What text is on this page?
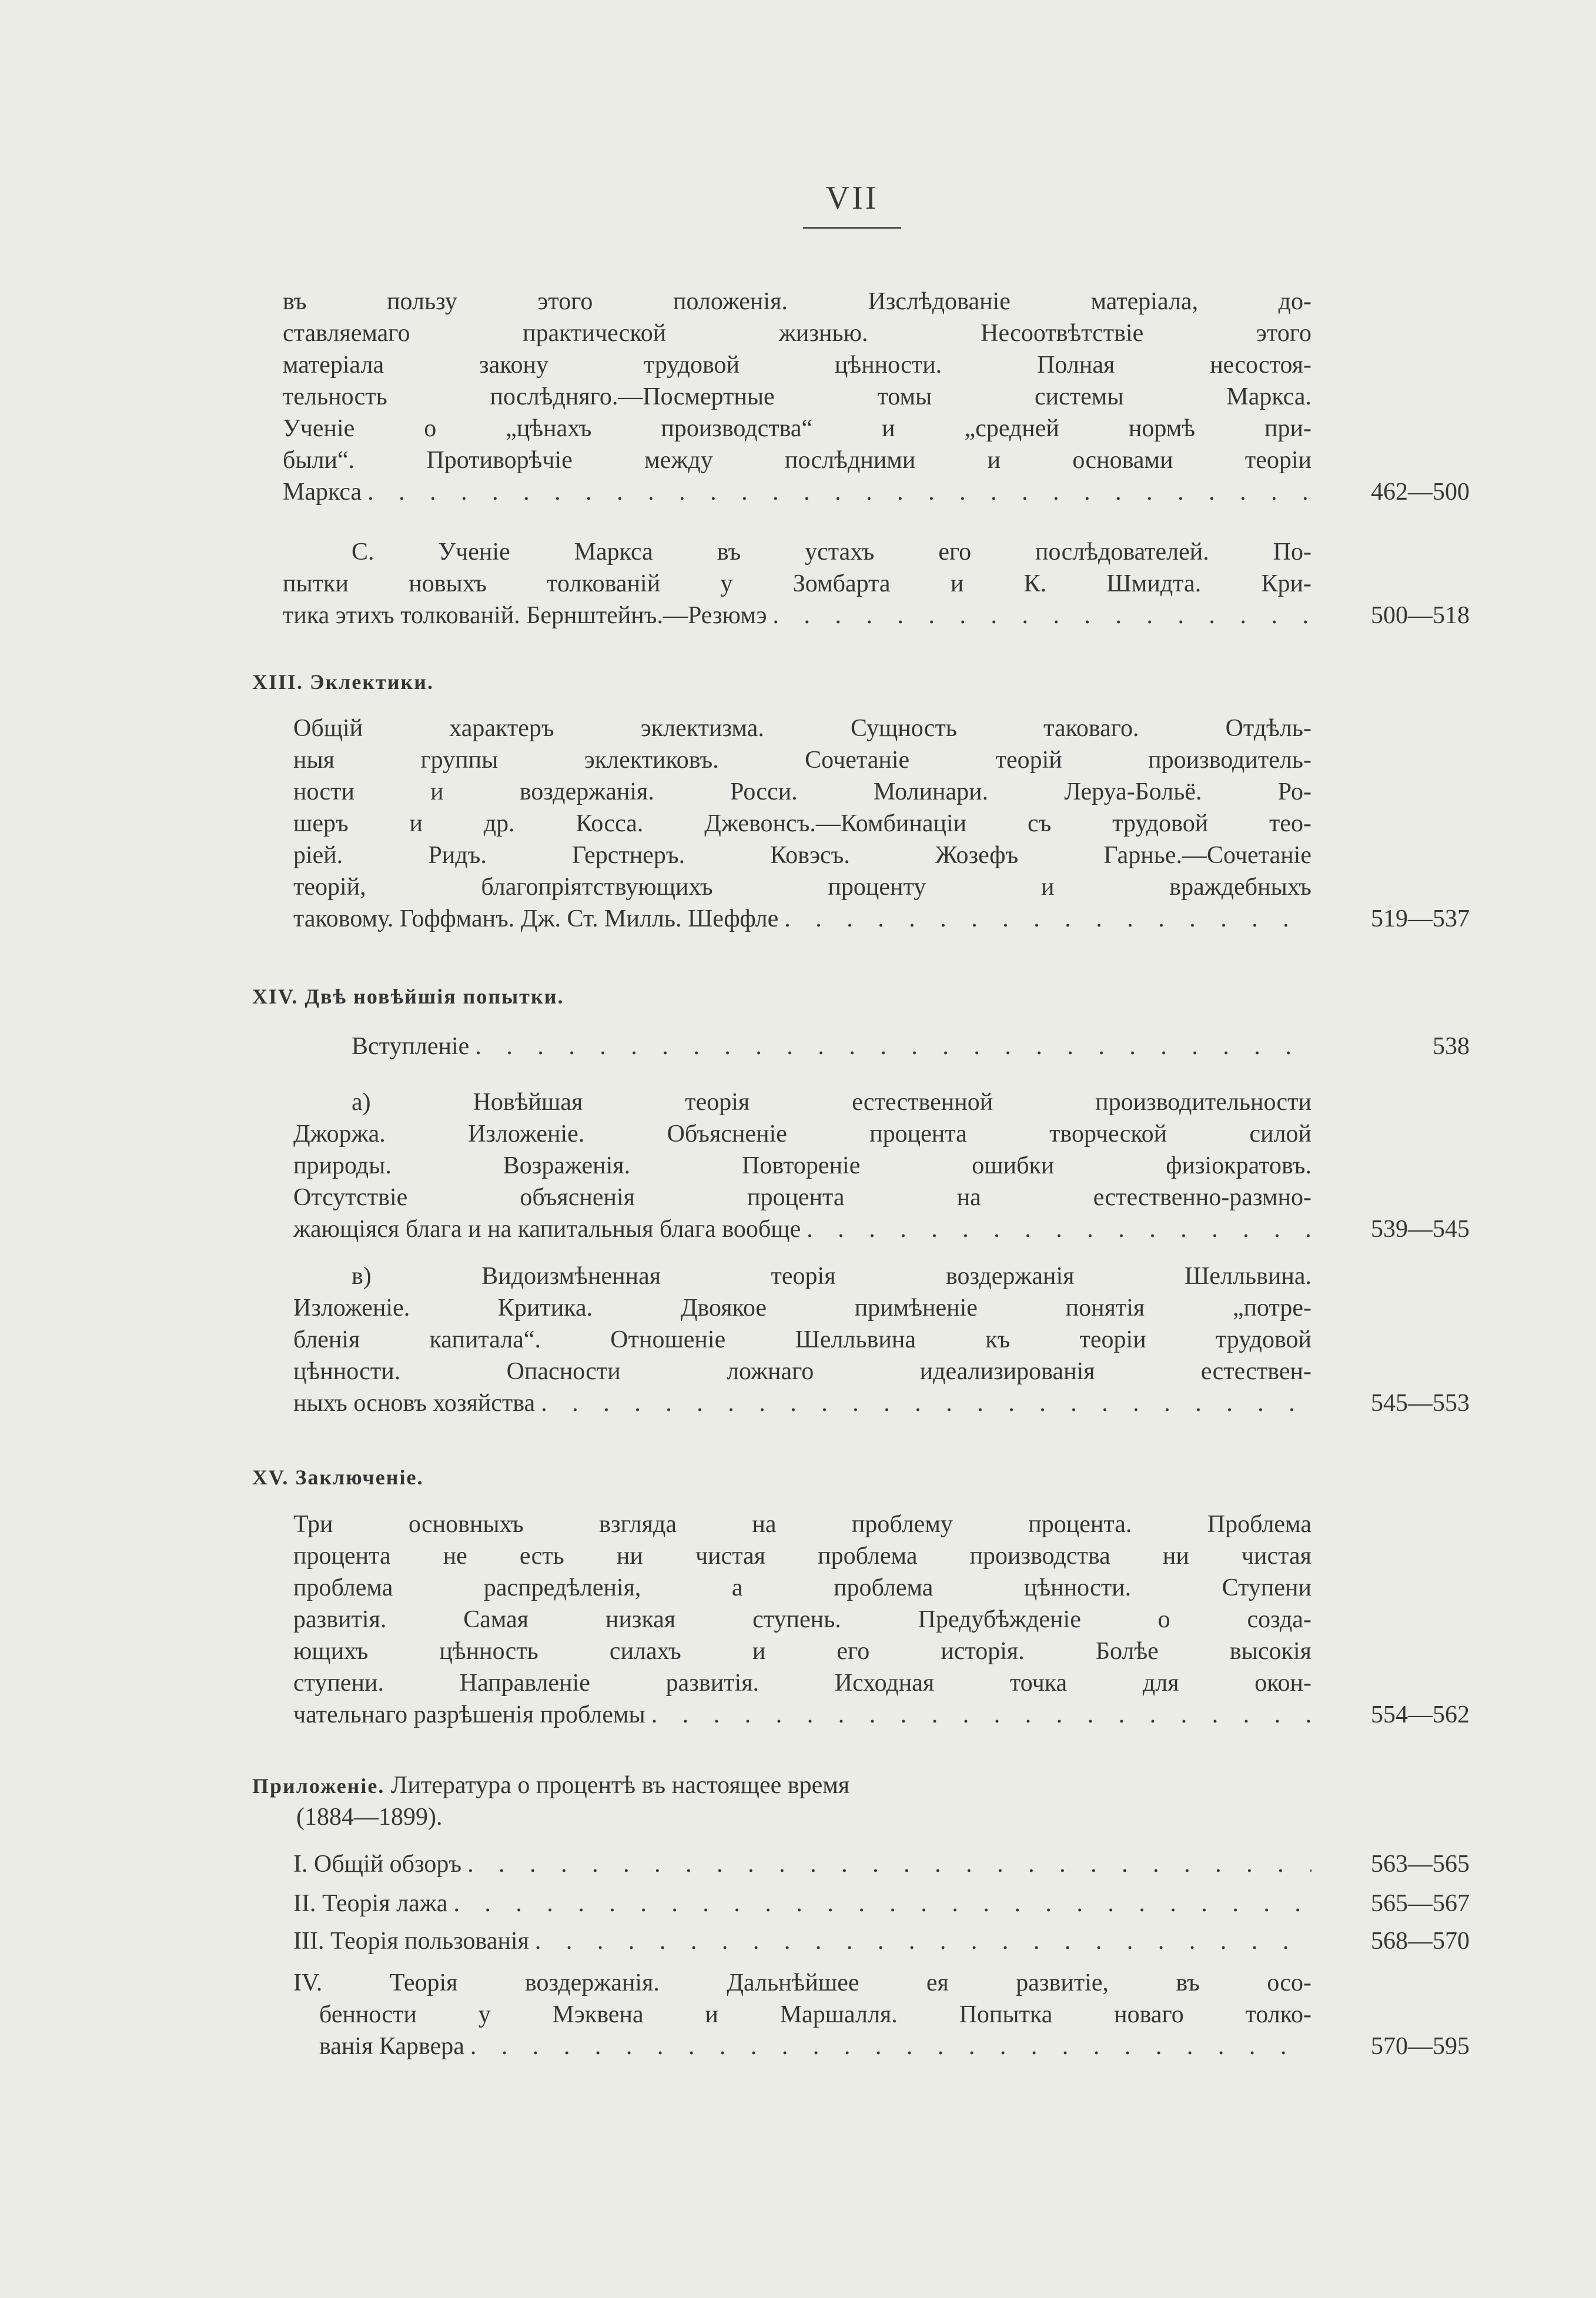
VII
въ пользу этого положенія. Изслѣдованіе матеріала, до-
ставляемаго практической жизнью. Несоотвѣтствіе этого
матеріала закону трудовой цѣнности. Полная несостоя-
тельность послѣдняго.—Посмертные томы системы Маркса.
Ученіе о „цѣнахъ производства“ и „средней нормѣ при-
были“. Противорѣчіе между послѣдними и основами теоріи
Маркса . . .	462—500
С. Ученіе Маркса въ устахъ его послѣдователей. По-
пытки новыхъ толкованій у Зомбарта и К. Шмидта. Кри-
тика этихъ толкованій. Бернштейнъ.—Резюмэ . . .	500—518
XIII. Эклектики.
Общій характеръ эклектизма. Сущность таковаго. Отдѣль-
ныя группы эклектиковъ. Сочетаніе теорій производитель-
ности и воздержанія. Росси. Молинари. Леруа-Больё. Ро-
шеръ и др. Косса. Джевонсъ.—Комбинаціи съ трудовой тео-
ріей. Ридъ. Герстнеръ. Ковэсъ. Жозефъ Гарнье.—Сочетаніе
теорій, благопріятствующихъ проценту и враждебныхъ
таковому. Гоффманъ. Дж. Ст. Милль. Шеффле . . .	519—537
XIV. Двѣ новѣйшія попытки.
Вступленіе . . .	538
а) Новѣйшая теорія естественной производительности
Джоржа. Изложеніе. Объясненіе процента творческой силой
природы. Возраженія. Повтореніе ошибки физіократовъ.
Отсутствіе объясненія процента на естественно-размно-
жающіяся блага и на капитальныя блага вообще . . .	539—545
в) Видоизмѣненная теорія воздержанія Шелльвина.
Изложеніе. Критика. Двоякое примѣненіе понятія „потре-
бленія капитала“. Отношеніе Шелльвина къ теоріи трудовой
цѣнности. Опасности ложнаго идеализированія естествен-
ныхъ основъ хозяйства . . .	545—553
XV. Заключеніе.
Три основныхъ взгляда на проблему процента. Проблема
процента не есть ни чистая проблема производства ни чистая
проблема распредѣленія, а проблема цѣнности. Ступени
развитія. Самая низкая ступень. Предубѣжденіе о созда-
ющихъ цѣнность силахъ и его исторія. Болѣе высокія
ступени. Направленіе развитія. Исходная точка для окон-
чательнаго разрѣшенія проблемы . . .	554—562
Приложеніе. Литература о процентѣ въ настоящее время
(1884—1899).
I. Общій обзоръ . . .	563—565
II. Теорія лажа . . .	565—567
III. Теорія пользованія . . .	568—570
IV. Теорія воздержанія. Дальнѣйшее ея развитіе, въ осо-
бенности у Мэквена и Маршалля. Попытка новаго толко-
ванія Карвера . . .	570—595
